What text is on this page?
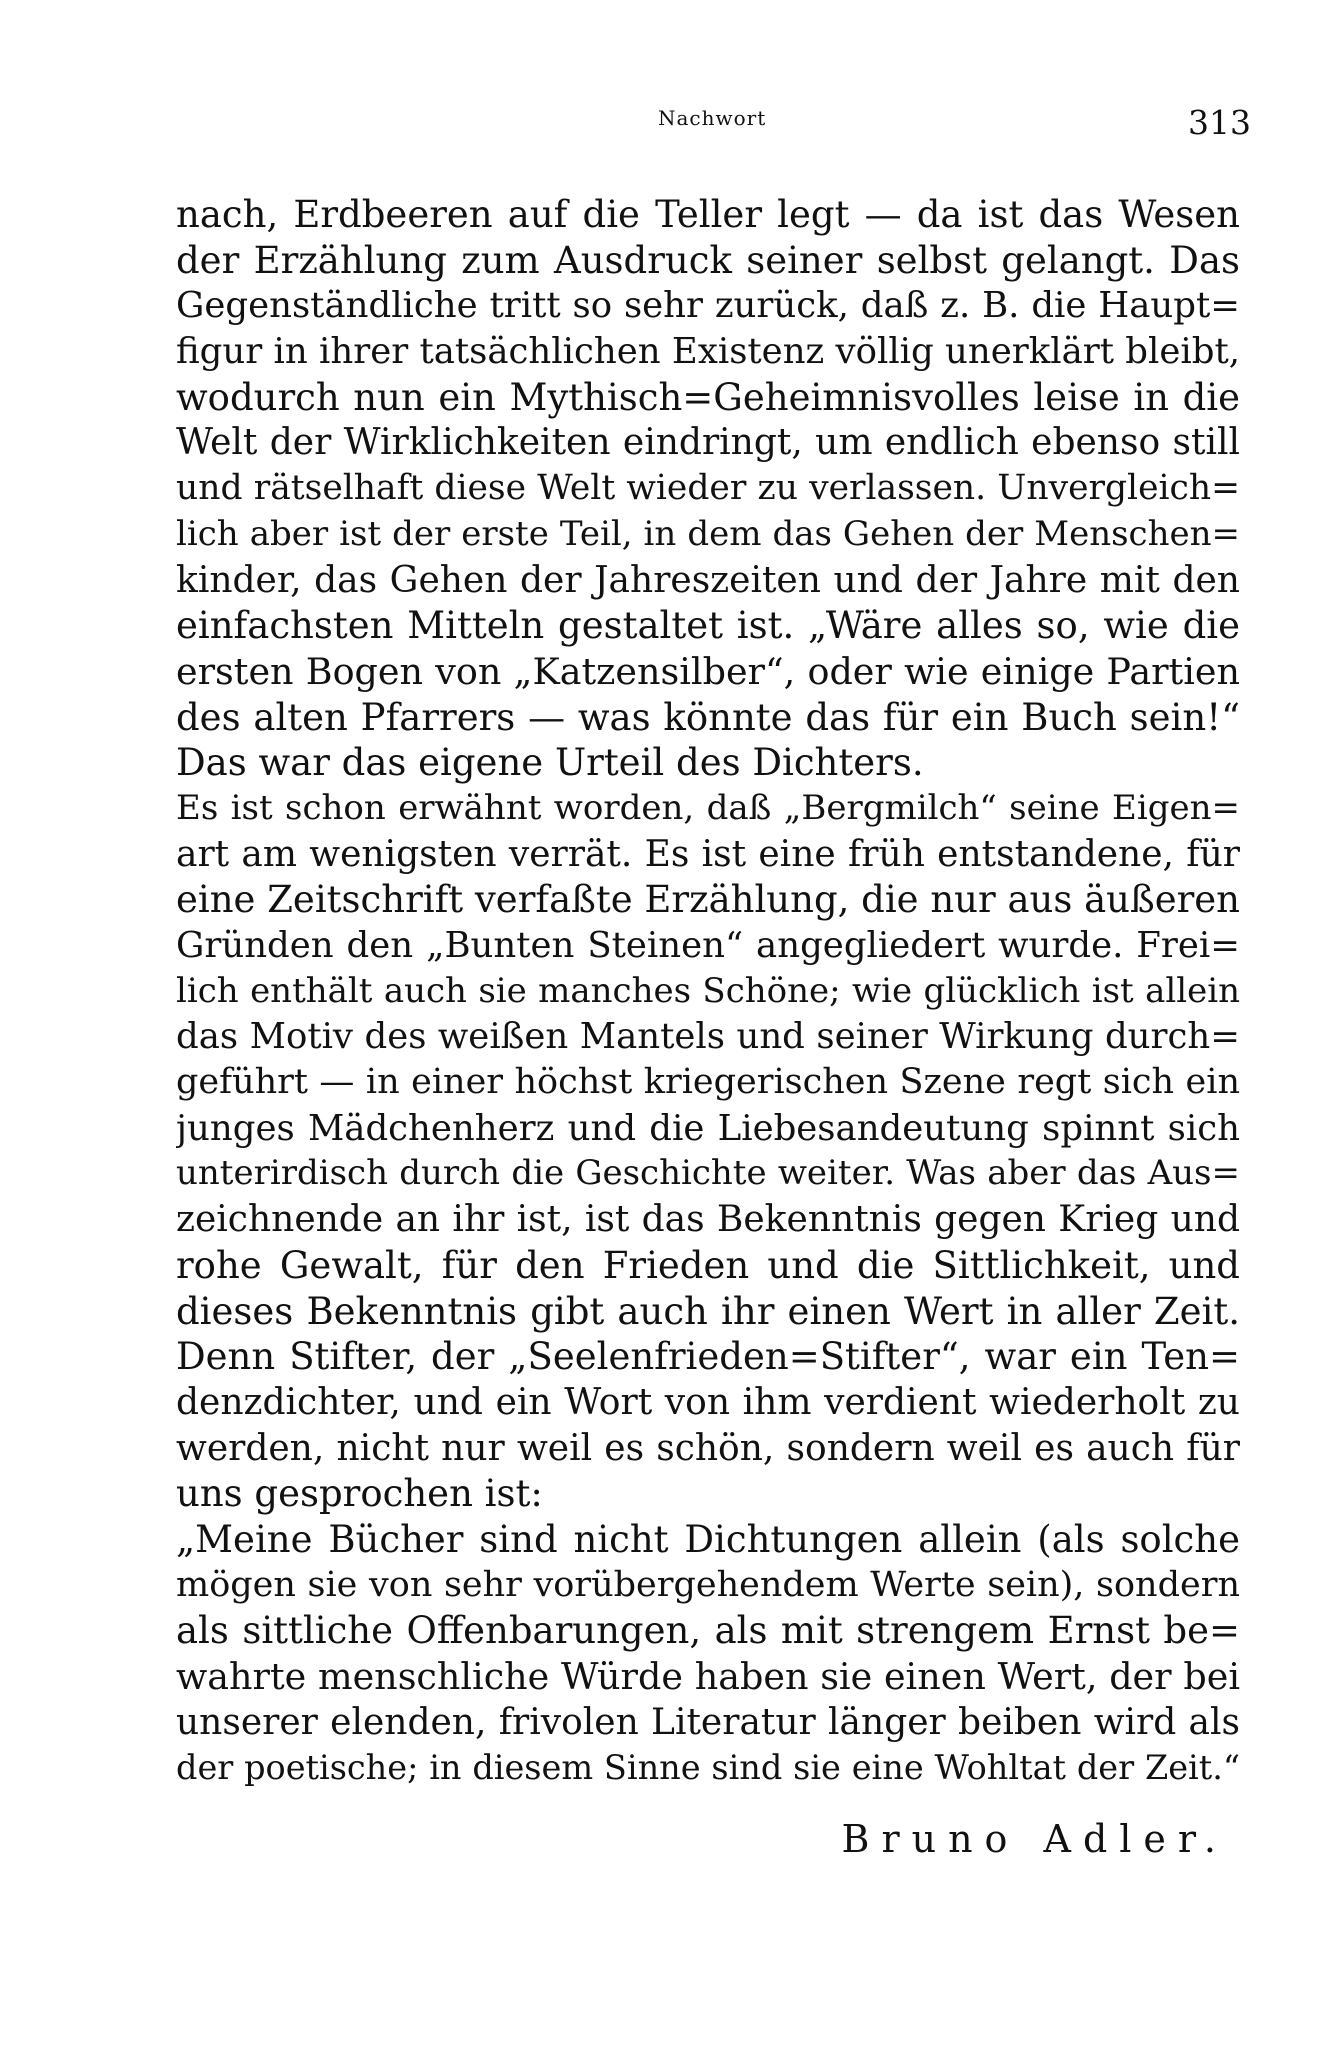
Nachwort	313
nach, Erdbeeren auf die Teller legt — da ist das Wesen
der Erzählung zum Ausdruck seiner selbst gelangt. Das
Gegenständliche tritt so sehr zurück, daß z. B. die Haupt=
figur in ihrer tatsächlichen Existenz völlig unerklärt bleibt,
wodurch nun ein Mythisch=Geheimnisvolles leise in die
Welt der Wirklichkeiten eindringt, um endlich ebenso still
und rätselhaft diese Welt wieder zu verlassen. Unvergleich=
lich aber ist der erste Teil, in dem das Gehen der Menschen=
kinder, das Gehen der Jahreszeiten und der Jahre mit den
einfachsten Mitteln gestaltet ist. „Wäre alles so, wie die
ersten Bogen von „Katzensilber“, oder wie einige Partien
des alten Pfarrers — was könnte das für ein Buch sein!“
Das war das eigene Urteil des Dichters.
Es ist schon erwähnt worden, daß „Bergmilch“ seine Eigen=
art am wenigsten verrät. Es ist eine früh entstandene, für
eine Zeitschrift verfaßte Erzählung, die nur aus äußeren
Gründen den „Bunten Steinen“ angegliedert wurde. Frei=
lich enthält auch sie manches Schöne; wie glücklich ist allein
das Motiv des weißen Mantels und seiner Wirkung durch=
geführt — in einer höchst kriegerischen Szene regt sich ein
junges Mädchenherz und die Liebesandeutung spinnt sich
unterirdisch durch die Geschichte weiter. Was aber das Aus=
zeichnende an ihr ist, ist das Bekenntnis gegen Krieg und
rohe Gewalt, für den Frieden und die Sittlichkeit, und
dieses Bekenntnis gibt auch ihr einen Wert in aller Zeit.
Denn Stifter, der „Seelenfrieden=Stifter“, war ein Ten=
denzdichter, und ein Wort von ihm verdient wiederholt zu
werden, nicht nur weil es schön, sondern weil es auch für
uns gesprochen ist:
„Meine Bücher sind nicht Dichtungen allein (als solche
mögen sie von sehr vorübergehendem Werte sein), sondern
als sittliche Offenbarungen, als mit strengem Ernst be=
wahrte menschliche Würde haben sie einen Wert, der bei
unserer elenden, frivolen Literatur länger beiben wird als
der poetische; in diesem Sinne sind sie eine Wohltat der Zeit.“
Bruno Adler.
